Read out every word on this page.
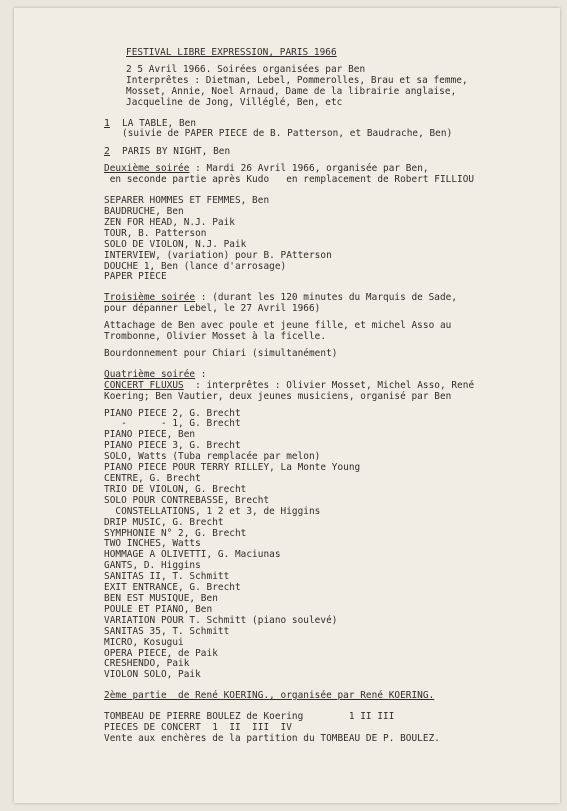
FESTIVAL LIBRE EXPRESSION, PARIS 1966
2 5 Avril 1966. Soirées organisées par Ben
Interprêtes : Dietman, Lebel, Pommerolles, Brau et sa femme,
Mosset, Annie, Noel Arnaud, Dame de la librairie anglaise,
Jacqueline de Jong, Villéglé, Ben, etc
1 LA TABLE, Ben
(suivie de PAPER PIECE de B. Patterson, et Baudrache, Ben)
2 PARIS BY NIGHT, Ben
Deuxième soirée : Mardi 26 Avril 1966, organisée par Ben,
en seconde partie après Kudo   en remplacement de Robert FILLIOU
SEPARER HOMMES ET FEMMES, Ben
BAUDRUCHE, Ben
ZEN FOR HEAD, N.J. Paik
TOUR, B. Patterson
SOLO DE VIOLON, N.J. Paik
INTERVIEW, (variation) pour B. PAtterson
DOUCHE 1, Ben (lance d'arrosage)
PAPER PIECE
Troisième soirée : (durant les 120 minutes du Marquis de Sade,
pour dépanner Lebel, le 27 Avril 1966)
Attachage de Ben avec poule et jeune fille, et michel Asso au
Trombonne, Olivier Mosset à la ficelle.
Bourdonnement pour Chiari (simultanément)
Quatrième soirée :
CONCERT FLUXUS  : interprêtes : Olivier Mosset, Michel Asso, René
Koering; Ben Vautier, deux jeunes musiciens, organisé par Ben
PIANO PIECE 2, G. Brecht
-      - 1, G. Brecht
PIANO PIECE, Ben
PIANO PIECE 3, G. Brecht
SOLO, Watts (Tuba remplacée par melon)
PIANO PIECE POUR TERRY RILLEY, La Monte Young
CENTRE, G. Brecht
TRIO DE VIOLON, G. Brecht
SOLO POUR CONTREBASSE, Brecht
CONSTELLATIONS, 1 2 et 3, de Higgins
DRIP MUSIC, G. Brecht
SYMPHONIE N° 2, G. Brecht
TWO INCHES, Watts
HOMMAGE A OLIVETTI, G. Maciunas
GANTS, D. Higgins
SANITAS II, T. Schmitt
EXIT ENTRANCE, G. Brecht
BEN EST MUSIQUE, Ben
POULE ET PIANO, Ben
VARIATION POUR T. Schmitt (piano soulevé)
SANITAS 35, T. Schmitt
MICRO, Kosugui
OPERA PIECE, de Paik
CRESHENDO, Paik
VIOLON SOLO, Paik
2ème partie  de René KOERING., organisée par René KOERING.
TOMBEAU DE PIERRE BOULEZ de Koering        1 II III
PIECES DE CONCERT  1  II  III  IV
Vente aux enchères de la partition du TOMBEAU DE P. BOULEZ.
